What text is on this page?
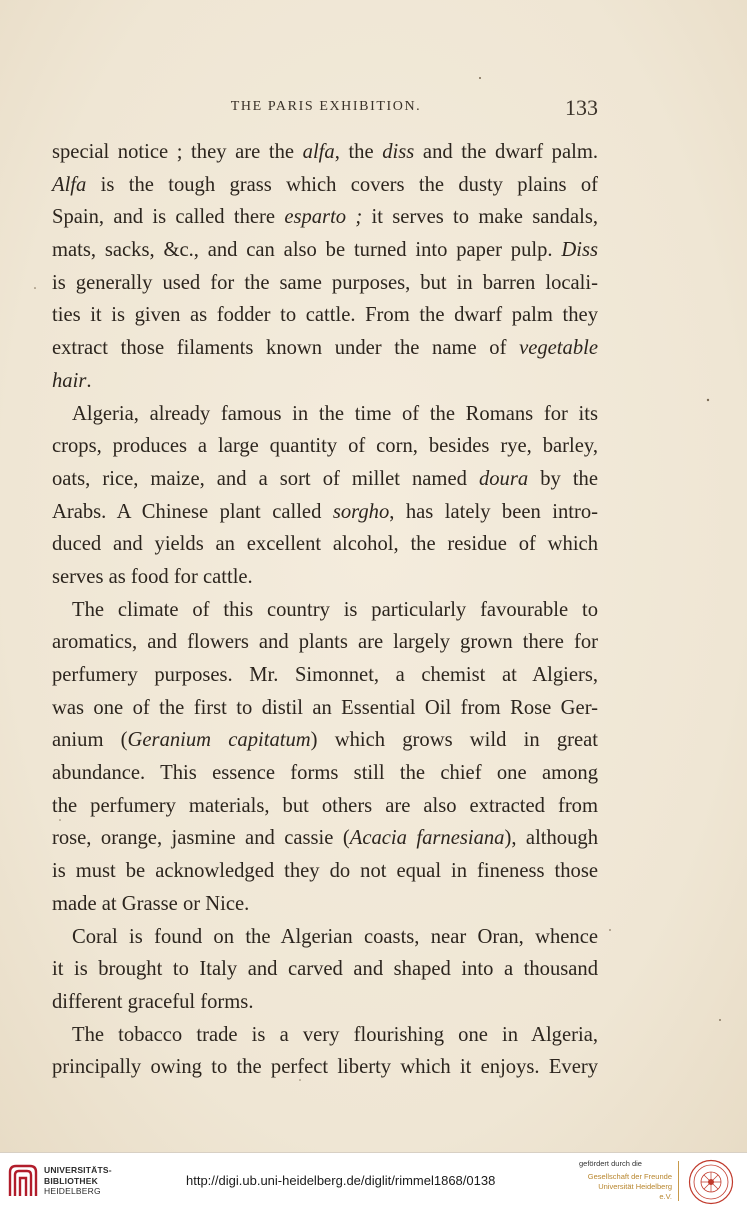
THE PARIS EXHIBITION.	133
special notice ; they are the alfa, the diss and the dwarf palm.
Alfa is the tough grass which covers the dusty plains of
Spain, and is called there esparto ; it serves to make sandals,
mats, sacks, &c., and can also be turned into paper pulp. Diss
is generally used for the same purposes, but in barren locali-
ties it is given as fodder to cattle. From the dwarf palm they
extract those filaments known under the name of vegetable
hair.
Algeria, already famous in the time of the Romans for its
crops, produces a large quantity of corn, besides rye, barley,
oats, rice, maize, and a sort of millet named doura by the
Arabs. A Chinese plant called sorgho, has lately been intro-
duced and yields an excellent alcohol, the residue of which
serves as food for cattle.
The climate of this country is particularly favourable to
aromatics, and flowers and plants are largely grown there for
perfumery purposes. Mr. Simonnet, a chemist at Algiers,
was one of the first to distil an Essential Oil from Rose Ger-
anium (Geranium capitatum) which grows wild in great
abundance. This essence forms still the chief one among
the perfumery materials, but others are also extracted from
rose, orange, jasmine and cassie (Acacia farnesiana), although
is must be acknowledged they do not equal in fineness those
made at Grasse or Nice.
Coral is found on the Algerian coasts, near Oran, whence
it is brought to Italy and carved and shaped into a thousand
different graceful forms.
The tobacco trade is a very flourishing one in Algeria,
principally owing to the perfect liberty which it enjoys. Every
UNIVERSITÄTS-
BIBLIOTHEK
HEIDELBERG
http://digi.ub.uni-heidelberg.de/diglit/rimmel1868/0138
gefördert durch die
Gesellschaft der Freunde
Universität Heidelberg e.V.
